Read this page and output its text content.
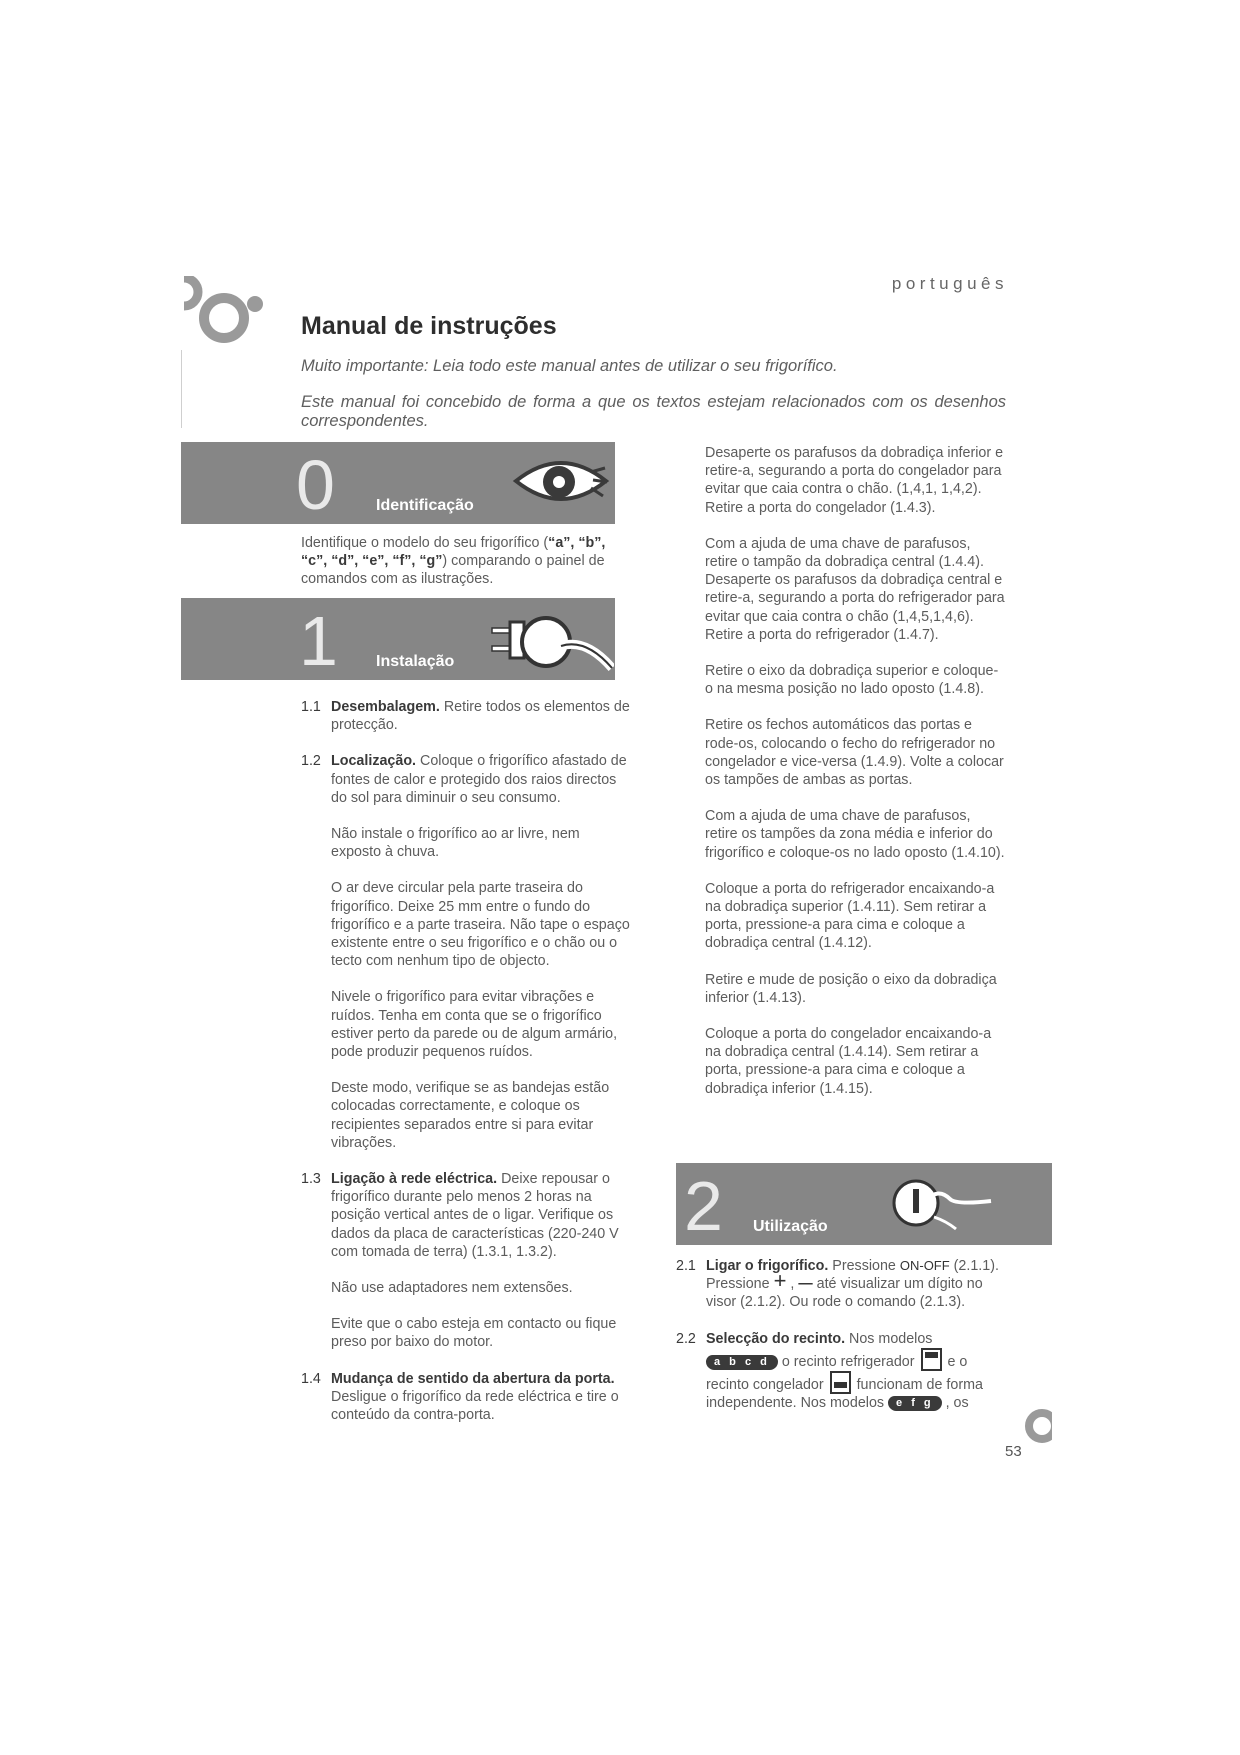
português
Manual de instruções
Muito importante: Leia todo este manual antes de utilizar o seu frigorífico.
Este manual foi concebido de forma a que os textos estejam relacionados com os desenhos correspondentes.
0	Identificação

Identifique o modelo do seu frigorífico (“a”, “b”, “c”, “d”, “e”, “f”, “g”) comparando o painel de comandos com as ilustrações.

1 Instalação
1.1 Desembalagem. Retire todos os elementos de protecção.

1.2 Localização. Coloque o frigorífico afastado de fontes de calor e protegido dos raios directos do sol para diminuir o seu consumo.

Não instale o frigorífico ao ar livre, nem exposto à chuva.

O ar deve circular pela parte traseira do frigorífico. Deixe 25 mm entre o fundo do frigorífico e a parte traseira. Não tape o espaço existente entre o seu frigorífico e o chão ou o tecto com nenhum tipo de objecto.

Nivele o frigorífico para evitar vibrações e ruídos. Tenha em conta que se o frigorífico estiver perto da parede ou de algum armário, pode produzir pequenos ruídos.

Deste modo, verifique se as bandejas estão colocadas correctamente, e coloque os recipientes separados entre si para evitar vibrações.

1.3 Ligação à rede eléctrica. Deixe repousar o frigorífico durante pelo menos 2 horas na posição vertical antes de o ligar. Verifique os dados da placa de características (220-240 V com tomada de terra) (1.3.1, 1.3.2).

Não use adaptadores nem extensões.

Evite que o cabo esteja em contacto ou fique preso por baixo do motor.

1.4 Mudança de sentido da abertura da porta. Desligue o frigorífico da rede eléctrica e tire o conteúdo da contra-porta.

Desaperte os parafusos da dobradiça inferior e retire-a, segurando a porta do congelador para evitar que caia contra o chão. (1,4,1, 1,4,2). Retire a porta do congelador (1.4.3).

Com a ajuda de uma chave de parafusos, retire o tampão da dobradiça central (1.4.4). Desaperte os parafusos da dobradiça central e retire-a, segurando a porta do refrigerador para evitar que caia contra o chão (1,4,5,1,4,6). Retire a porta do refrigerador (1.4.7).

Retire o eixo da dobradiça superior e coloque-o na mesma posição no lado oposto (1.4.8).

Retire os fechos automáticos das portas e rode-os, colocando o fecho do refrigerador no congelador e vice-versa (1.4.9). Volte a colocar os tampões de ambas as portas.

Com a ajuda de uma chave de parafusos, retire os tampões da zona média e inferior do frigorífico e coloque-os no lado oposto (1.4.10).

Coloque a porta do refrigerador encaixando-a na dobradiça superior (1.4.11). Sem retirar a porta, pressione-a para cima e coloque a dobradiça central (1.4.12).

Retire e mude de posição o eixo da dobradiça inferior (1.4.13).

Coloque a porta do congelador encaixando-a na dobradiça central (1.4.14). Sem retirar a porta, pressione-a para cima e coloque a dobradiça inferior (1.4.15).

2 Utilização
2.1 Ligar o frigorífico. Pressione ON-OFF (2.1.1). Pressione + , — até visualizar um dígito no visor (2.1.2). Ou rode o comando (2.1.3).

2.2 Selecção do recinto. Nos modelos a b c d o recinto refrigerador
e o recinto congelador
funcionam de forma independente. Nos modelos e f g , os

53
